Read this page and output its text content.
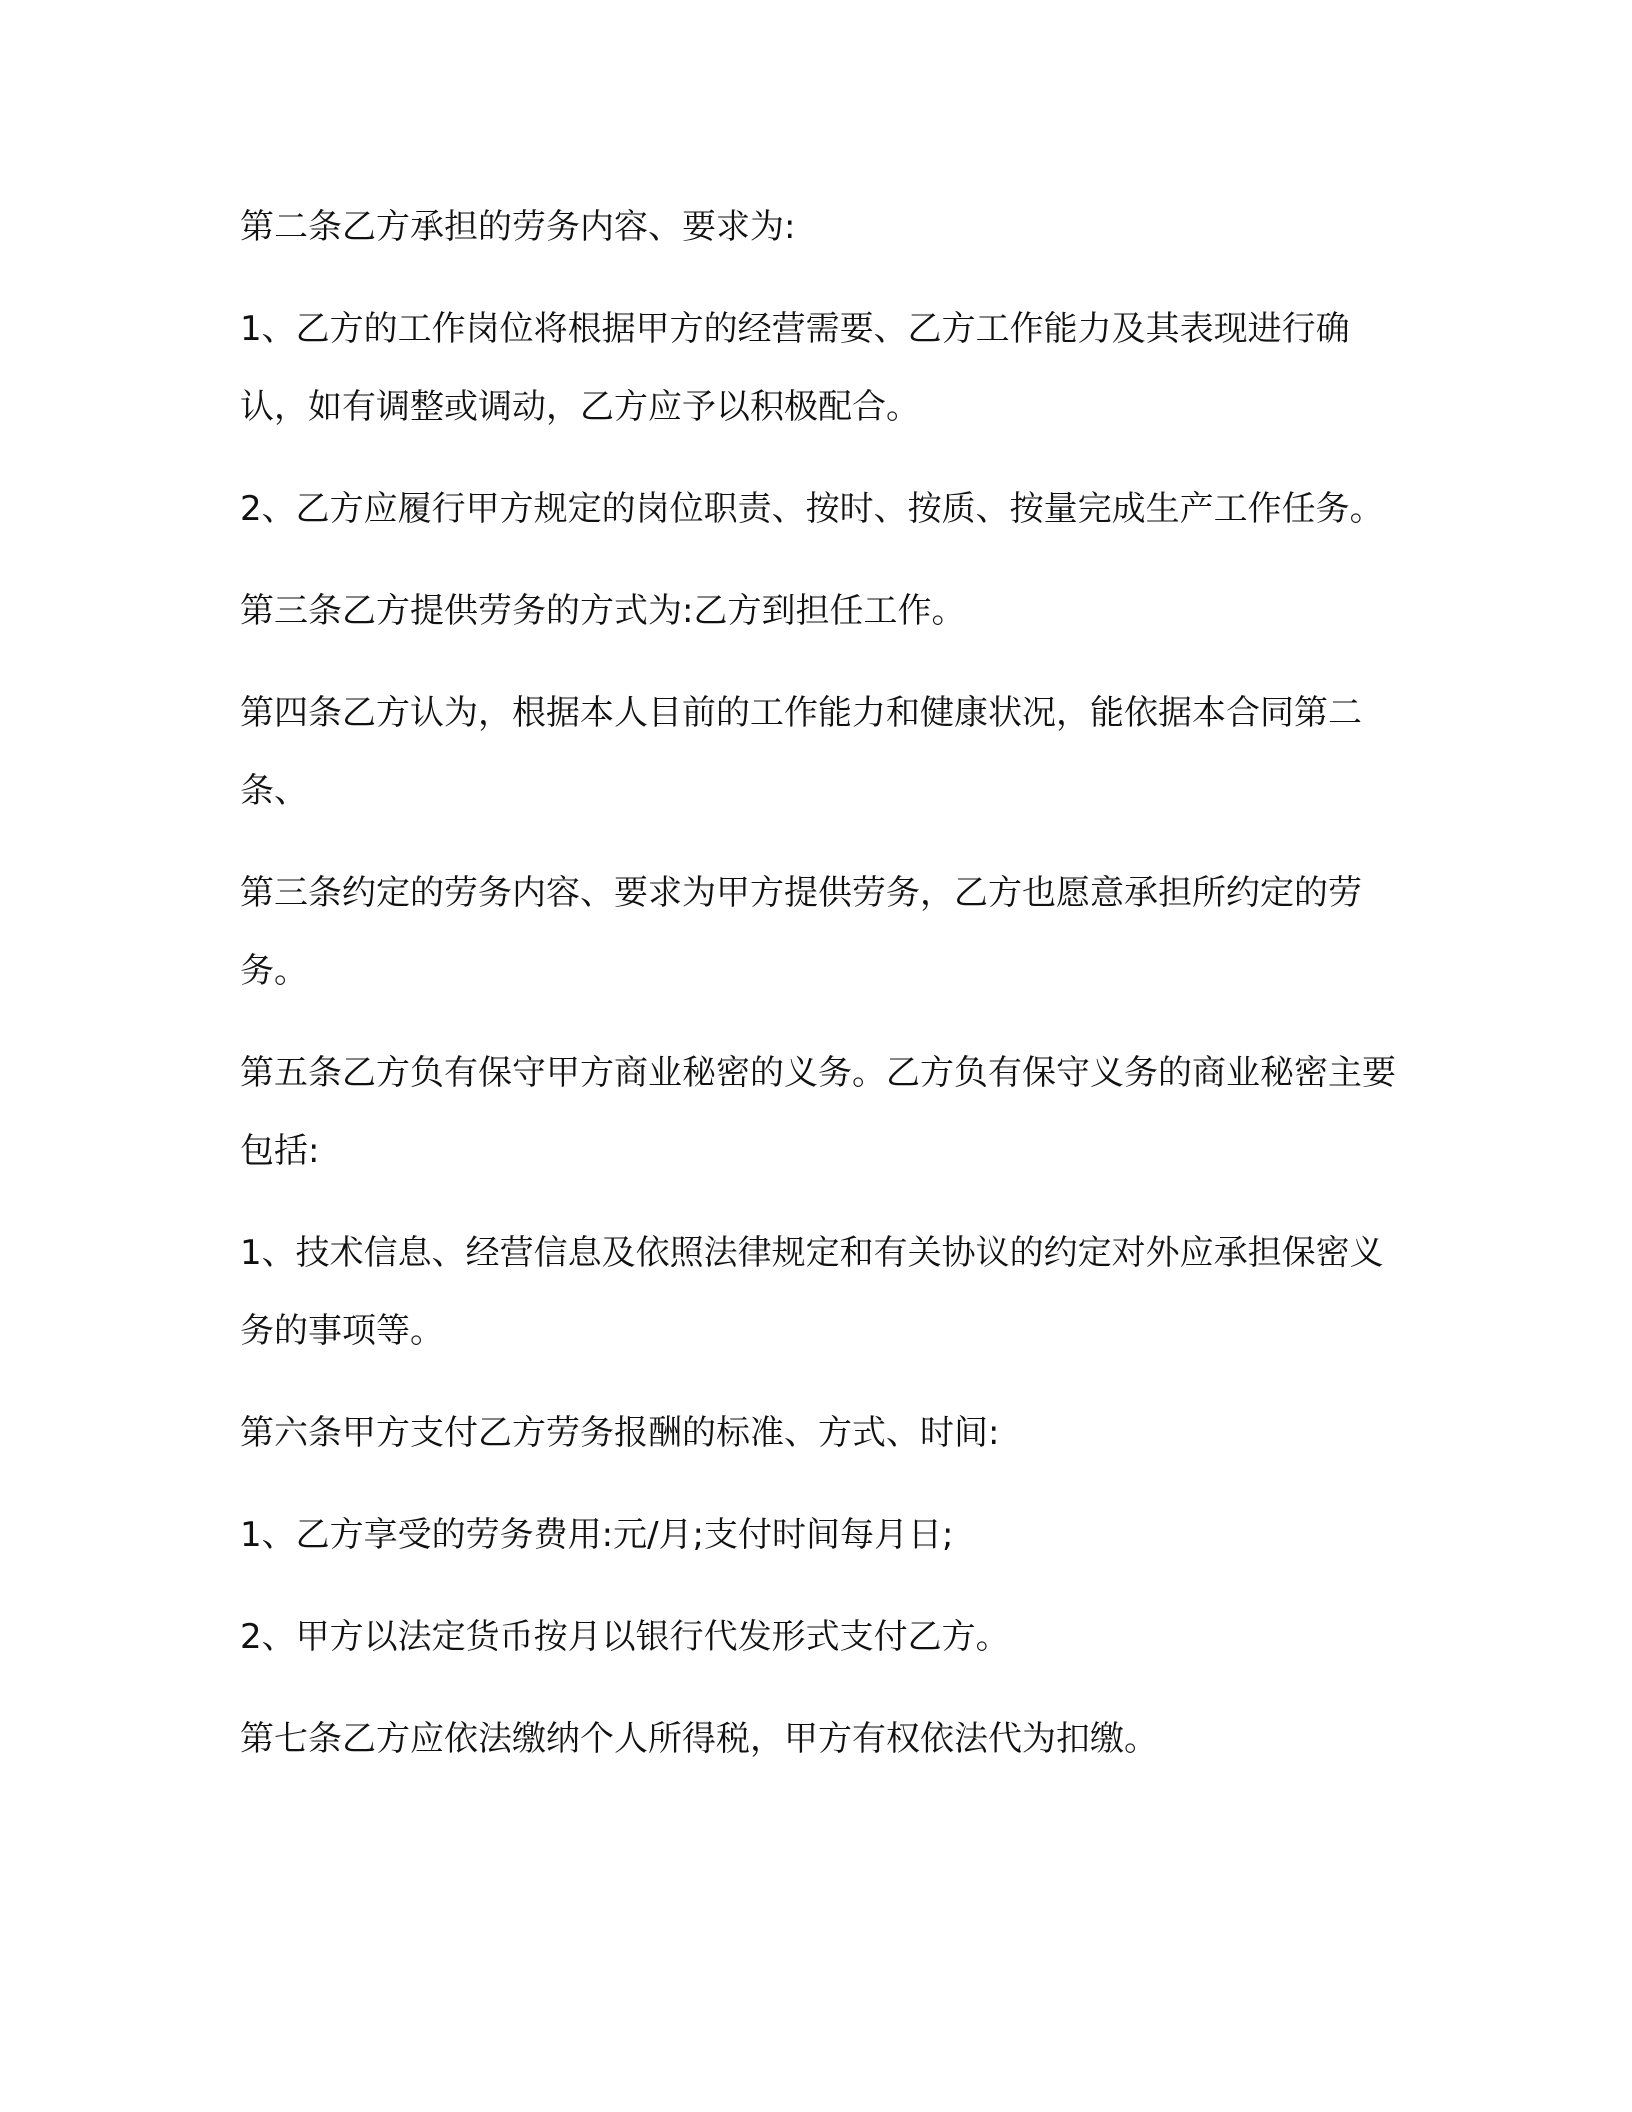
第二条乙方承担的劳务内容、要求为:

1、乙方的工作岗位将根据甲方的经营需要、乙方工作能力及其表现进行确认，如有调整或调动，乙方应予以积极配合。

2、乙方应履行甲方规定的岗位职责、按时、按质、按量完成生产工作任务。

第三条乙方提供劳务的方式为:乙方到担任工作。

第四条乙方认为，根据本人目前的工作能力和健康状况，能依据本合同第二条、

第三条约定的劳务内容、要求为甲方提供劳务，乙方也愿意承担所约定的劳务。

第五条乙方负有保守甲方商业秘密的义务。乙方负有保守义务的商业秘密主要包括:

1、技术信息、经营信息及依照法律规定和有关协议的约定对外应承担保密义务的事项等。

第六条甲方支付乙方劳务报酬的标准、方式、时间:

1、乙方享受的劳务费用:元/月;支付时间每月日;

2、甲方以法定货币按月以银行代发形式支付乙方。

第七条乙方应依法缴纳个人所得税，甲方有权依法代为扣缴。
